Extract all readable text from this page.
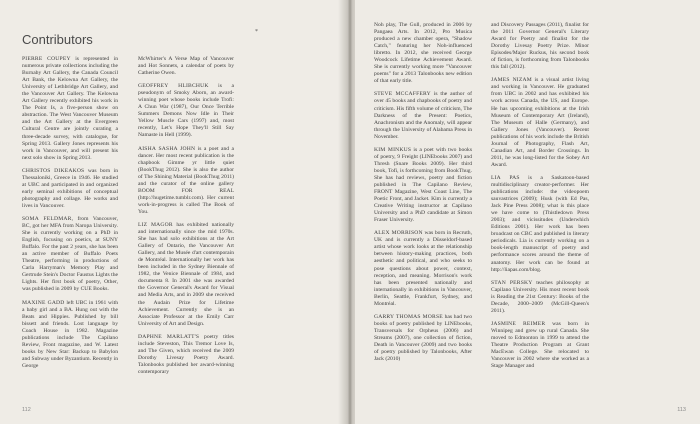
Contributors	*

PIERRE COUPEY is represented in numerous private collections including the Burnaby Art Gallery, the Canada Council Art Bank, the Kelowna Art Gallery, the University of Lethbridge Art Gallery, and the Vancouver Art Gallery. The Kelowna Art Gallery recently exhibited his work in The Point Is, a five-person show on abstraction. The West Vancouver Museum and the Art Gallery at the Evergreen Cultural Centre are jointly curating a three-decade survey, with catalogue, for Spring 2013. Gallery Jones represents his work in Vancouver, and will present his next solo show in Spring 2013.

CHRISTOS DIKEAKOS was born in Thessaloniki, Greece in 1946. He studied at UBC and participated in and organized early seminal exhibitions of conceptual photography and collage. He works and lives in Vancouver.

SOMA FELDMAR, from Vancouver, BC, got her MFA from Naropa University. She is currently working on a PhD in English, focusing on poetics, at SUNY Buffalo. For the past 2 years, she has been an active member of Buffalo Poets Theatre, performing in productions of Carla Harryman's Memory Play and Gertrude Stein's Doctor Faustus Lights the Lights. Her first book of poetry, Other, was published in 2009 by CUE Books.

MAXINE GADD left UBC in 1961 with a baby girl and a BA. Hung out with the Beats and Hippies. Published by bill bissett and friends. Lost language by Coach House in 1982. Magazine publications include The Capilano Review, Front magazine, and W. Latest books by New Star: Backup to Babylon and Subway under Byzantium. Recently in George

McWhirter's A Verse Map of Vancouver and Hot Sonnets, a calendar of poets by Catherine Owen.

GEOFFREY HLIBCHUK is a pseudonym of Smoky Aborn, an award-winning poet whose books include Trofi: A Chun War (1987), Our Once Terrible Summers Demons Now Idle in Their Yellow Muscle Cars (1997) and, most recently, Let's Hope They'll Still Say Namaste in Hell (1999).

AISHA SASHA JOHN is a poet and a dancer. Her most recent publication is the chapbook Gimme yr little quiet (BookThug 2012). She is also the author of The Shining Material (BookThug 2011) and the curator of the online gallery BOOM FOR REAL (http://hugetime.tumblr.com). Her current work-in-progress is called The Book of You.

LIZ MAGOR has exhibited nationally and internationally since the mid 1970s. She has had solo exhibitions at the Art Gallery of Ontario, the Vancouver Art Gallery, and the Musée d'art contemporain de Montréal. Internationally her work has been included in the Sydney Biennale of 1982, the Venice Biennale of 1984, and documenta 8. In 2001 she was awarded the Governor General's Award for Visual and Media Arts, and in 2009 she received the Audain Prize for Lifetime Achievement. Currently she is an Associate Professor at the Emily Carr University of Art and Design.

DAPHNE MARLATT'S poetry titles include Steveston, This Tremor Love Is, and The Given, which received the 2009 Dorothy Livesay Poetry Award. Talonbooks published her award-winning contemporary

112

Noh play, The Gull, produced in 2006 by Pangaea Arts. In 2012, Pro Musica produced a new chamber opera, "Shadow Catch," featuring her Noh-influenced libretto. In 2012, she received George Woodcock Lifetime Achievement Award. She is currently working more "Vancouver poems" for a 2013 Talonbooks new edition of that early title.

STEVE MCCAFFERY is the author of over 45 books and chapbooks of poetry and criticism. His fifth volume of criticism, The Darkness of the Present: Poetics, Anachronism and the Anomaly, will appear through the University of Alabama Press in November.

KIM MINKUS is a poet with two books of poetry, 9 Freight (LINEbooks 2007) and Thresh (Snare Books 2009). Her third book, Tofi, is forthcoming from BookThug. She has had reviews, poetry and fiction published in The Capilano Review, FRONT Magazine, West Coast Line, The Poetic Front, and Jacket. Kim is currently a Creative Writing instructor at Capilano University and a PhD candidate at Simon Fraser University.

ALEX MORRISON was born in Recruth, UK and is currently a Düsseldorf-based artist whose work looks at the relationship between history-making practices, both aesthetic and political, and who seeks to pose questions about power, context, reception, and meaning. Morrison's work has been presented nationally and internationally in exhibitions in Vancouver, Berlin, Seattle, Frankfurt, Sydney, and Montréal.

GARRY THOMAS MORSE has had two books of poetry published by LINEbooks, Transversals for Orpheus (2006) and Streams (2007), one collection of fiction, Death in Vancouver (2009) and two books of poetry published by Talonbooks, After Jack (2010)

and Discovery Passages (2011), finalist for the 2011 Governor General's Literary Award for Poetry and finalist for the Dorothy Livesay Poetry Prize. Minor Episodes/Major Ruckus, his second book of fiction, is forthcoming from Talonbooks this fall (2012).

JAMES NIZAM is a visual artist living and working in Vancouver. He graduated from UBC in 2002 and has exhibited his work across Canada, the US, and Europe. He has upcoming exhibitions at the Irish Museum of Contemporary Art (Ireland), The Museum of Halle (Germany), and Gallery Jones (Vancouver). Recent publications of his work include the British Journal of Photography, Flash Art, Canadian Art, and Border Crossings. In 2011, he was long-listed for the Sobey Art Award.

LIA PAS is a Saskatoon-based multidisciplinary creator-performer. Her publications include: the videopoem sauvastrices (2009); Husk (with Ed Pas, Jack Pine Press 2008); what is this place we have come to (Thistledown Press 2003); and vicissitudes (Underwhich Editions 2001). Her work has been broadcast on CBC and published in literary periodicals. Lia is currently working on a book-length manuscript of poetry and performance scores around the theme of anatomy. Her work can be found at http://liapas.com/blog.

STAN PERSKY teaches philosophy at Capilano University. His most recent book is Reading the 21st Century: Books of the Decade, 2000–2009 (McGill-Queen's 2011).

JASMINE REIMER was born in Winnipeg and grew up rural Canada. She moved to Edmonton in 1999 to attend the Theatre Production Program at Grant MacEwan College. She relocated to Vancouver in 2002 where she worked as a Stage Manager and

113
